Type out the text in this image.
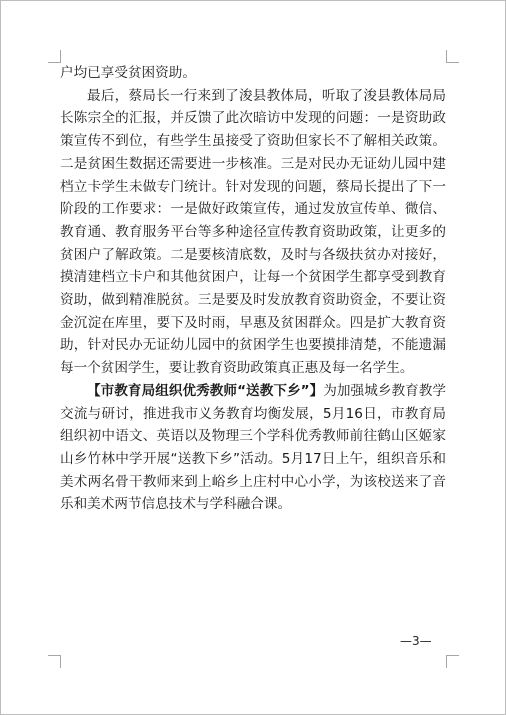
户均已享受贫困资助。

最后，蔡局长一行来到了浚县教体局，听取了浚县教体局局长陈宗全的汇报，并反馈了此次暗访中发现的问题：一是资助政策宣传不到位，有些学生虽接受了资助但家长不了解相关政策。二是贫困生数据还需要进一步核准。三是对民办无证幼儿园中建档立卡学生未做专门统计。针对发现的问题，蔡局长提出了下一阶段的工作要求：一是做好政策宣传，通过发放宣传单、微信、教育通、教育服务平台等多种途径宣传教育资助政策，让更多的贫困户了解政策。二是要核清底数，及时与各级扶贫办对接好，摸清建档立卡户和其他贫困户，让每一个贫困学生都享受到教育资助，做到精准脱贫。三是要及时发放教育资助资金，不要让资金沉淀在库里，要下及时雨，早惠及贫困群众。四是扩大教育资助，针对民办无证幼儿园中的贫困学生也要摸排清楚，不能遗漏每一个贫困学生，要让教育资助政策真正惠及每一名学生。

【市教育局组织优秀教师“送教下乡”】为加强城乡教育教学交流与研讨，推进我市义务教育均衡发展，5月16日，市教育局组织初中语文、英语以及物理三个学科优秀教师前往鹤山区姬家山乡竹林中学开展“送教下乡”活动。5月17日上午，组织音乐和美术两名骨干教师来到上峪乡上庄村中心小学，为该校送来了音乐和美术两节信息技术与学科融合课。

—3—
